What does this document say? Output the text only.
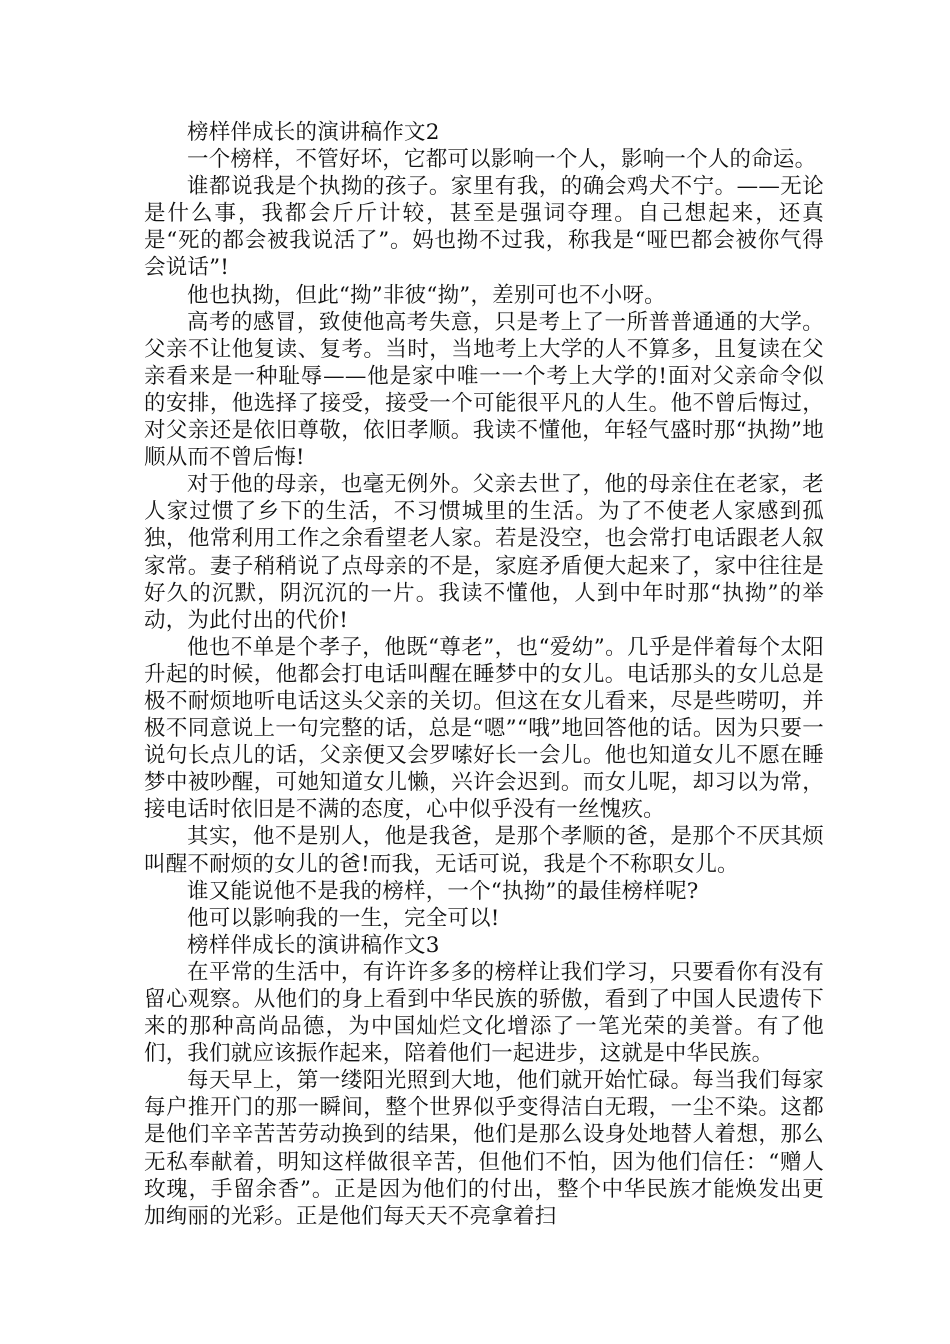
榜样伴成长的演讲稿作文2

一个榜样，不管好坏，它都可以影响一个人，影响一个人的命运。

谁都说我是个执拗的孩子。家里有我，的确会鸡犬不宁。——无论是什么事，我都会斤斤计较，甚至是强词夺理。自己想起来，还真是“死的都会被我说活了”。妈也拗不过我，称我是“哑巴都会被你气得会说话”!

他也执拗，但此“拗”非彼“拗”，差别可也不小呀。

高考的感冒，致使他高考失意，只是考上了一所普普通通的大学。父亲不让他复读、复考。当时，当地考上大学的人不算多，且复读在父亲看来是一种耻辱——他是家中唯一一个考上大学的!面对父亲命令似的安排，他选择了接受，接受一个可能很平凡的人生。他不曾后悔过，对父亲还是依旧尊敬，依旧孝顺。我读不懂他，年轻气盛时那“执拗”地顺从而不曾后悔!

对于他的母亲，也毫无例外。父亲去世了，他的母亲住在老家，老人家过惯了乡下的生活，不习惯城里的生活。为了不使老人家感到孤独，他常利用工作之余看望老人家。若是没空，也会常打电话跟老人叙家常。妻子稍稍说了点母亲的不是，家庭矛盾便大起来了，家中往往是好久的沉默，阴沉沉的一片。我读不懂他，人到中年时那“执拗”的举动，为此付出的代价!

他也不单是个孝子，他既“尊老”，也“爱幼”。几乎是伴着每个太阳升起的时候，他都会打电话叫醒在睡梦中的女儿。电话那头的女儿总是极不耐烦地听电话这头父亲的关切。但这在女儿看来，尽是些唠叨，并极不同意说上一句完整的话，总是“嗯”“哦”地回答他的话。因为只要一说句长点儿的话，父亲便又会罗嗦好长一会儿。他也知道女儿不愿在睡梦中被吵醒，可她知道女儿懒，兴许会迟到。而女儿呢，却习以为常，接电话时依旧是不满的态度，心中似乎没有一丝愧疚。

其实，他不是别人，他是我爸，是那个孝顺的爸，是那个不厌其烦叫醒不耐烦的女儿的爸!而我，无话可说，我是个不称职女儿。

谁又能说他不是我的榜样，一个“执拗”的最佳榜样呢?

他可以影响我的一生，完全可以!

榜样伴成长的演讲稿作文3

在平常的生活中，有许许多多的榜样让我们学习，只要看你有没有留心观察。从他们的身上看到中华民族的骄傲，看到了中国人民遗传下来的那种高尚品德，为中国灿烂文化增添了一笔光荣的美誉。有了他们，我们就应该振作起来，陪着他们一起进步，这就是中华民族。

每天早上，第一缕阳光照到大地，他们就开始忙碌。每当我们每家每户推开门的那一瞬间，整个世界似乎变得洁白无瑕，一尘不染。这都是他们辛辛苦苦劳动换到的结果，他们是那么设身处地替人着想，那么无私奉献着，明知这样做很辛苦，但他们不怕，因为他们信任：“赠人玫瑰，手留余香”。正是因为他们的付出，整个中华民族才能焕发出更加绚丽的光彩。正是他们每天天不亮拿着扫
